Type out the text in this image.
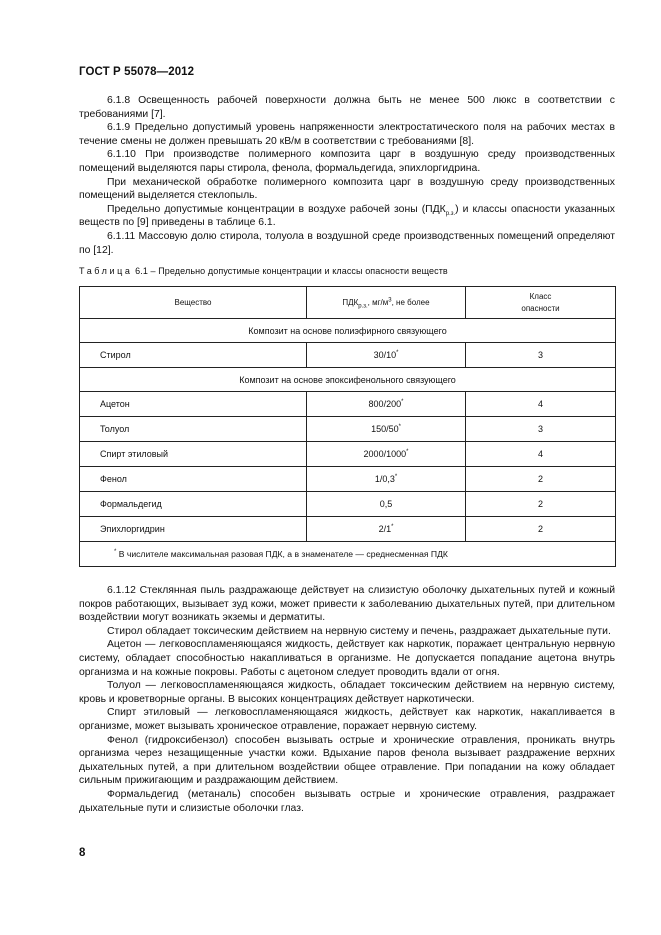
ГОСТ Р 55078—2012

6.1.8 Освещенность рабочей поверхности должна быть не менее 500 люкс в соответствии с требованиями [7].

6.1.9 Предельно допустимый уровень напряженности электростатического поля на рабочих местах в течение смены не должен превышать 20 кВ/м в соответствии с требованиями [8].

6.1.10 При производстве полимерного композита царг в воздушную среду производственных помещений выделяются пары стирола, фенола, формальдегида, эпихлоргидрина.

При механической обработке полимерного композита царг в воздушную среду производственных помещений выделяется стеклопыль.

Предельно допустимые концентрации в воздухе рабочей зоны $(ПДК_{р.з.})$ и классы опасности указанных веществ по [9] приведены в таблице 6.1.

6.1.11 Массовую долю стирола, толуола в воздушной среде производственных помещений определяют по [12].

Таблица 6.1 – Предельно допустимые концентрации и классы опасности веществ
Вещество	$ПДК_{р.з.}$, $мг/м^3$, не более	Класс
опасности
Композит на основе полиэфирного связующего		
Стирол	30/10*	3
Композит на основе эпоксифенольного связующего		
Ацетон	800/200*	4
Толуол	150/50*	3
Спирт этиловый	2000/1000*	4
Фенол	1/0,3*	2
Формальдегид	0,5	2
Эпихлоргидрин	2/1*	2
* В числителе максимальная разовая ПДК, а в знаменателе — среднесменная ПДК		

6.1.12 Стеклянная пыль раздражающе действует на слизистую оболочку дыхательных путей и кожный покров работающих, вызывает зуд кожи, может привести к заболеванию дыхательных путей, при длительном воздействии могут возникать экземы и дерматиты.

Стирол обладает токсическим действием на нервную систему и печень, раздражает дыхательные пути.

Ацетон — легковоспламеняющаяся жидкость, действует как наркотик, поражает центральную нервную систему, обладает способностью накапливаться в организме. Не допускается попадание ацетона внутрь организма и на кожные покровы. Работы с ацетоном следует проводить вдали от огня.

Толуол — легковоспламеняющаяся жидкость, обладает токсическим действием на нервную систему, кровь и кроветворные органы. В высоких концентрациях действует наркотически.

Спирт этиловый — легковоспламеняющаяся жидкость, действует как наркотик, накапливается в организме, может вызывать хроническое отравление, поражает нервную систему.

Фенол (гидроксибензол) способен вызывать острые и хронические отравления, проникать внутрь организма через незащищенные участки кожи. Вдыхание паров фенола вызывает раздражение верхних дыхательных путей, а при длительном воздействии общее отравление. При попадании на кожу обладает сильным прижигающим и раздражающим действием.

Формальдегид (метаналь) способен вызывать острые и хронические отравления, раздражает дыхательные пути и слизистые оболочки глаз.

8
